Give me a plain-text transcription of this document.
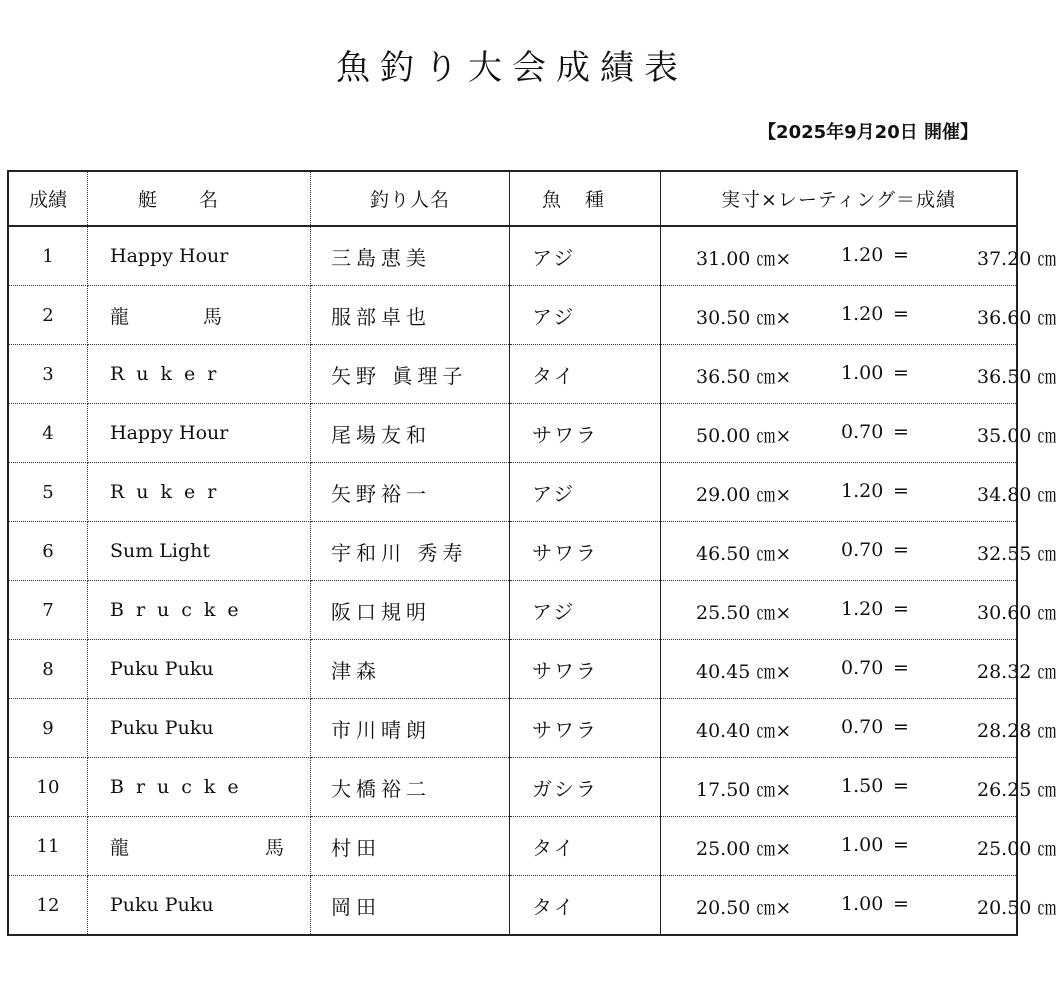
魚釣り大会成績表
【2025年9月20日 開催】
成績	艇名	釣り人名	魚種	実寸×レーティング＝成績
1	Happy Hour	三島恵美	アジ	31.00 ㎝× 1.20 = 37.20 ㎝

2	龍　　馬	服部卓也	アジ	30.50 ㎝× 1.20 = 36.60 ㎝

3	Ruker	矢野 眞理子	タイ	36.50 ㎝× 1.00 = 36.50 ㎝

4	Happy Hour	尾場友和	サワラ	50.00 ㎝× 0.70 = 35.00 ㎝

5	Ruker	矢野裕一	アジ	29.00 ㎝× 1.20 = 34.80 ㎝

6	Sum Light	宇和川 秀寿	サワラ	46.50 ㎝× 0.70 = 32.55 ㎝

7	Brucke	阪口規明	アジ	25.50 ㎝× 1.20 = 30.60 ㎝

8	Puku Puku	津森	サワラ	40.45 ㎝× 0.70 = 28.32 ㎝

9	Puku Puku	市川晴朗	サワラ	40.40 ㎝× 0.70 = 28.28 ㎝

10	Brucke	大橋裕二	ガシラ	17.50 ㎝× 1.50 = 26.25 ㎝

11	龍　　　　馬	村田	タイ	25.00 ㎝× 1.00 = 25.00 ㎝

12	Puku Puku	岡田	タイ	20.50 ㎝× 1.00 = 20.50 ㎝
